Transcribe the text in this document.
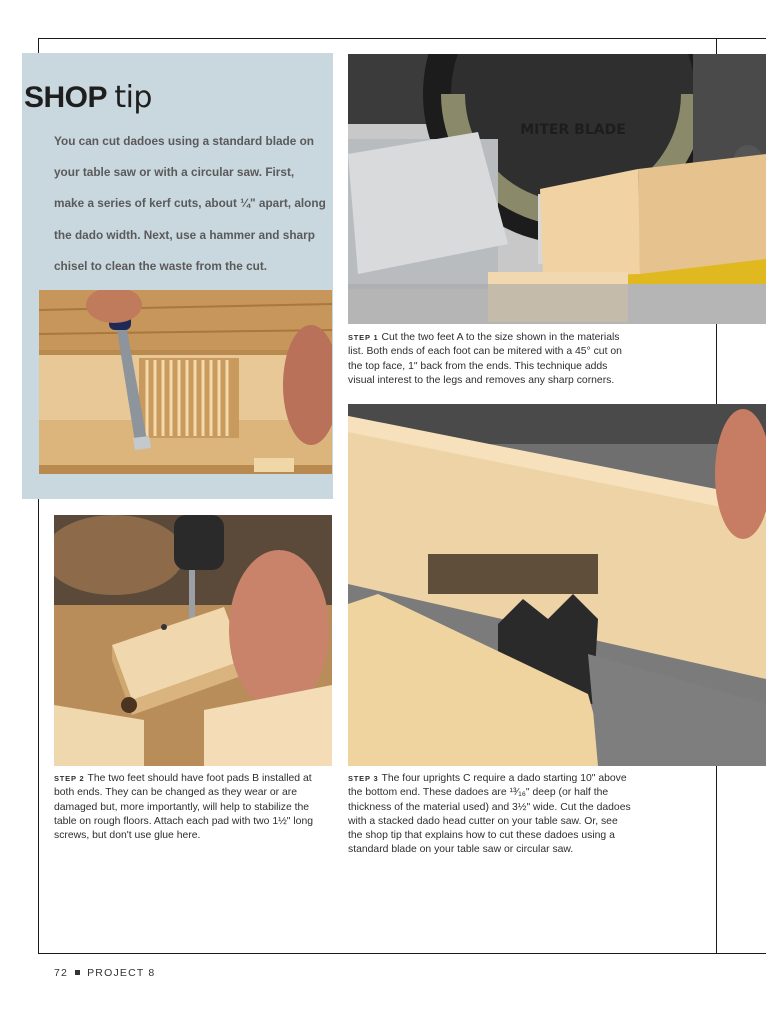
SHOP tip
You can cut dadoes using a standard blade on your table saw or with a circular saw. First, make a series of kerf cuts, about ¼" apart, along the dado width. Next, use a hammer and sharp chisel to clean the waste from the cut.
MITER BLADE
STEP 1 Cut the two feet A to the size shown in the materials list. Both ends of each foot can be mitered with a 45° cut on the top face, 1" back from the ends. This technique adds visual interest to the legs and removes any sharp corners.
STEP 3 The four uprights C require a dado starting 10" above the bottom end. These dadoes are ¹³⁄₁₆" deep (or half the thickness of the material used) and 3½" wide. Cut the dadoes with a stacked dado head cutter on your table saw. Or, see the shop tip that explains how to cut these dadoes using a standard blade on your table saw or circular saw.
STEP 2 The two feet should have foot pads B installed at both ends. They can be changed as they wear or are damaged but, more importantly, will help to stabilize the table on rough floors. Attach each pad with two 1½" long screws, but don't use glue here.
72 PROJECT 8
